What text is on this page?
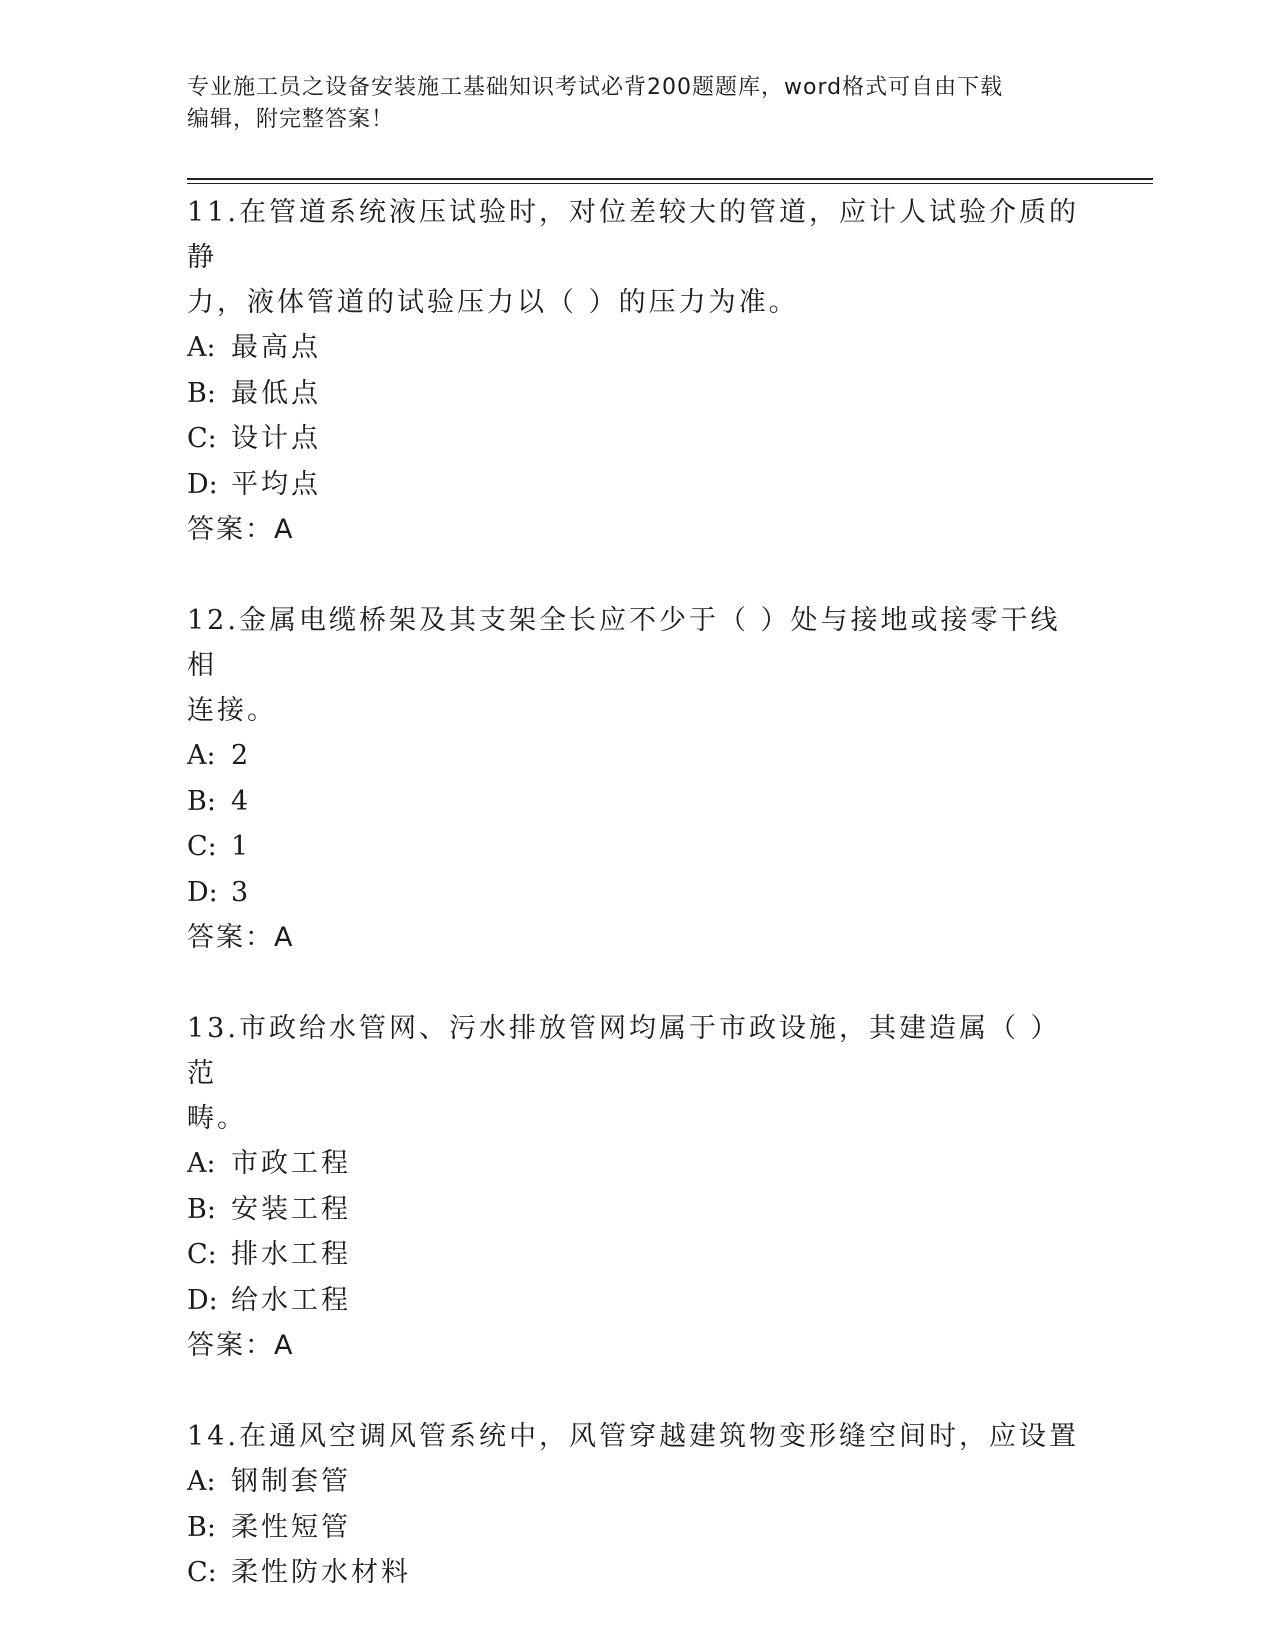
专业施工员之设备安装施工基础知识考试必背200题题库，word格式可自由下载
编辑，附完整答案！

11.在管道系统液压试验时，对位差较大的管道，应计人试验介质的静

力，液体管道的试验压力以（ ）的压力为准。

A: 最高点

B: 最低点

C: 设计点

D: 平均点

答案：A

12.金属电缆桥架及其支架全长应不少于（ ）处与接地或接零干线相

连接。

A: 2

B: 4

C: 1

D: 3

答案：A

13.市政给水管网、污水排放管网均属于市政设施，其建造属（ ）范

畴。

A: 市政工程

B: 安装工程

C: 排水工程

D: 给水工程

答案：A

14.在通风空调风管系统中，风管穿越建筑物变形缝空间时，应设置

A: 钢制套管

B: 柔性短管

C: 柔性防水材料
